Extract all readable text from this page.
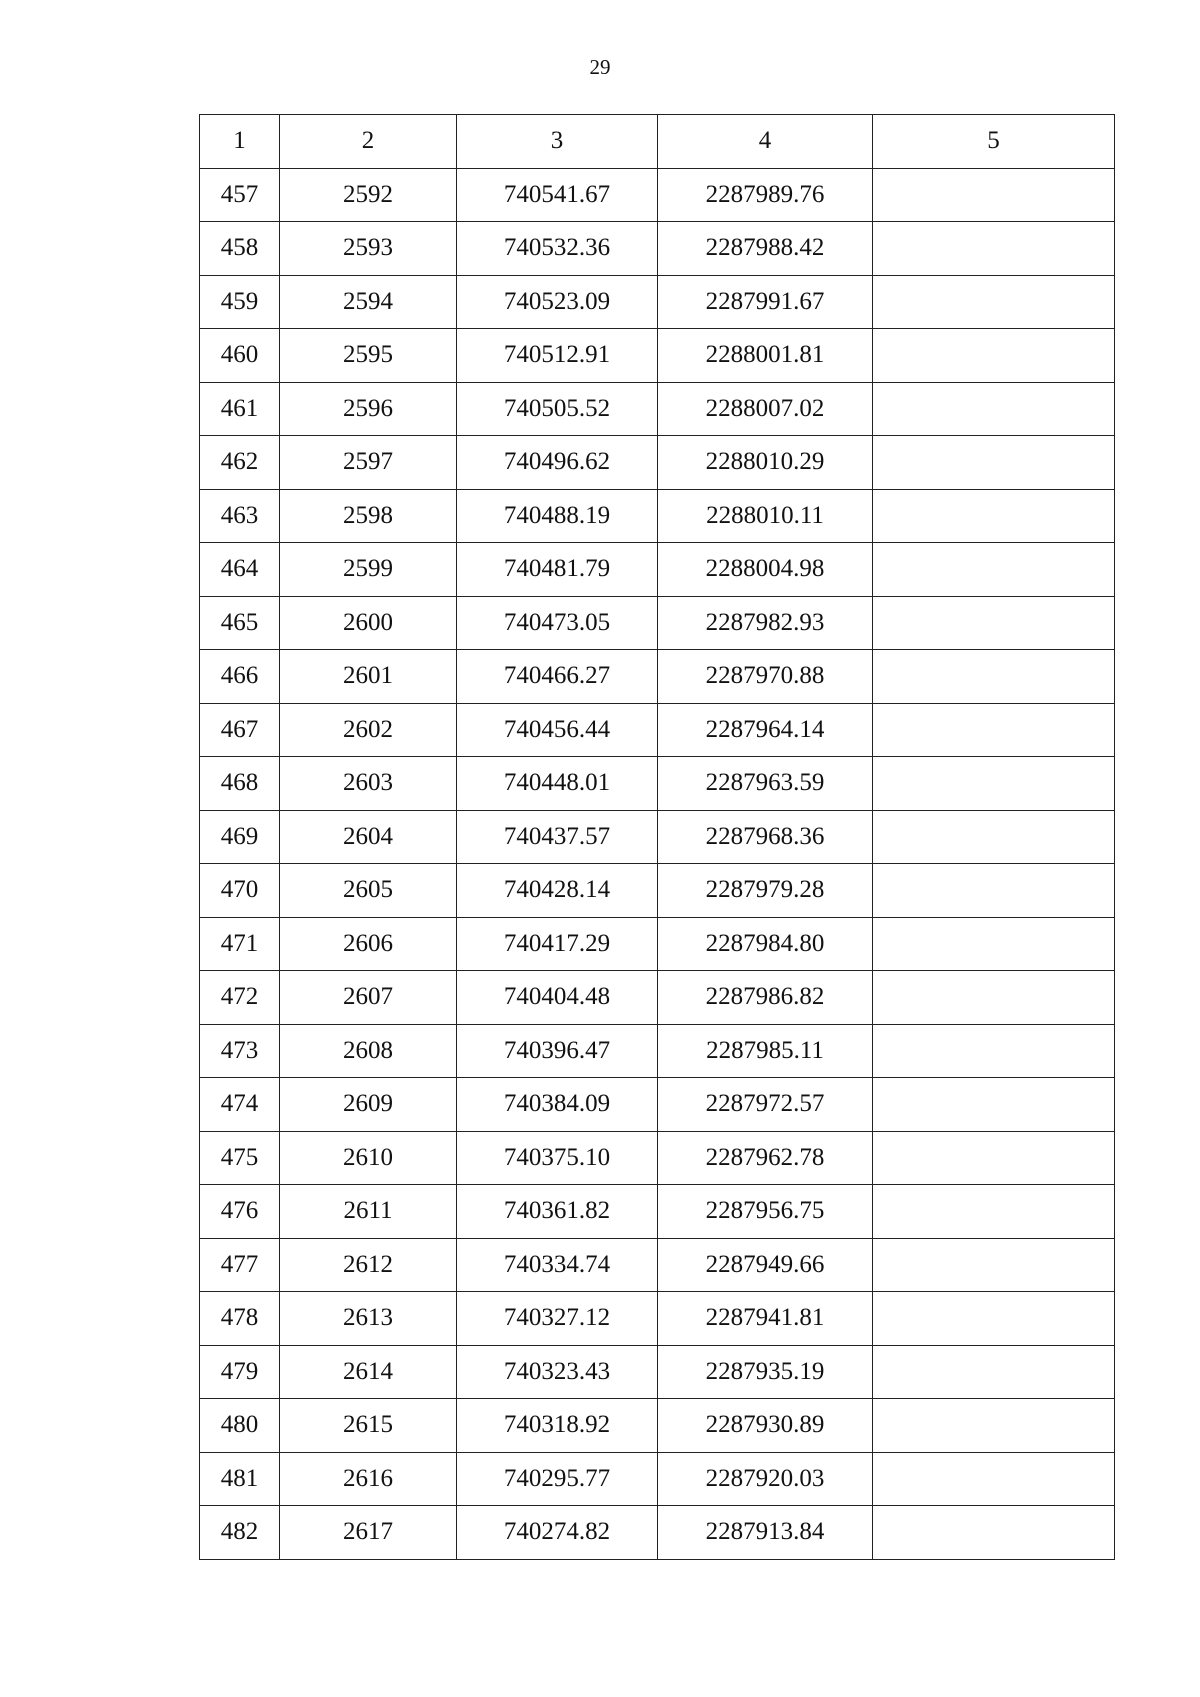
29
1	2	3	4	5
457	2592	740541.67	2287989.76	
458	2593	740532.36	2287988.42	
459	2594	740523.09	2287991.67	
460	2595	740512.91	2288001.81	
461	2596	740505.52	2288007.02	
462	2597	740496.62	2288010.29	
463	2598	740488.19	2288010.11	
464	2599	740481.79	2288004.98	
465	2600	740473.05	2287982.93	
466	2601	740466.27	2287970.88	
467	2602	740456.44	2287964.14	
468	2603	740448.01	2287963.59	
469	2604	740437.57	2287968.36	
470	2605	740428.14	2287979.28	
471	2606	740417.29	2287984.80	
472	2607	740404.48	2287986.82	
473	2608	740396.47	2287985.11	
474	2609	740384.09	2287972.57	
475	2610	740375.10	2287962.78	
476	2611	740361.82	2287956.75	
477	2612	740334.74	2287949.66	
478	2613	740327.12	2287941.81	
479	2614	740323.43	2287935.19	
480	2615	740318.92	2287930.89	
481	2616	740295.77	2287920.03	
482	2617	740274.82	2287913.84	
